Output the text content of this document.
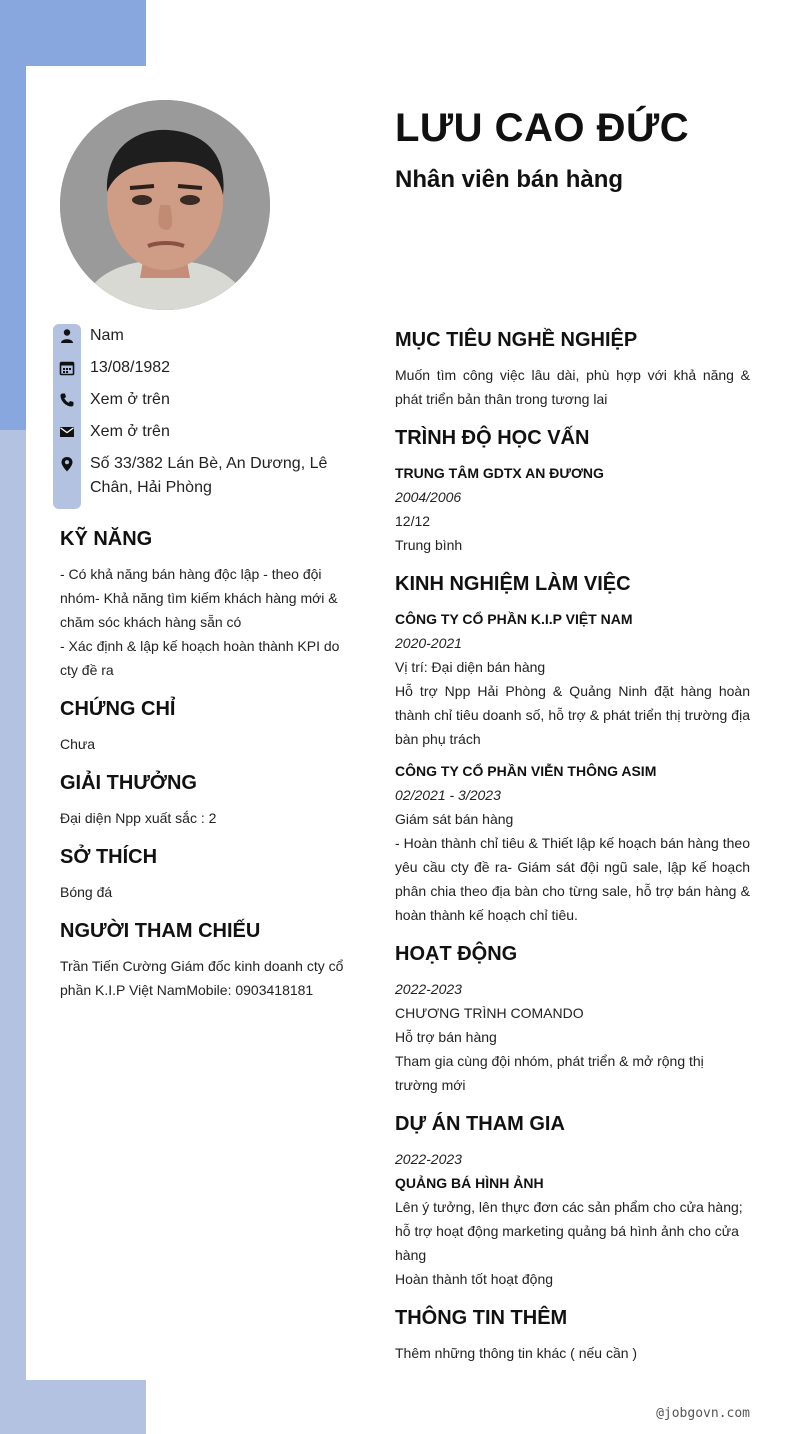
LƯU CAO ĐỨC
Nhân viên bán hàng
Nam
13/08/1982
Xem ở trên
Xem ở trên
Số 33/382 Lán Bè, An Dương, Lê Chân, Hải Phòng
KỸ NĂNG

- Có khả năng bán hàng độc lập - theo đội nhóm- Khả năng tìm kiếm khách hàng mới & chăm sóc khách hàng sẵn có

- Xác định & lập kế hoạch hoàn thành KPI do cty đề ra

CHỨNG CHỈ

Chưa

GIẢI THƯỞNG

Đại diện Npp xuất sắc : 2

SỞ THÍCH

Bóng đá

NGƯỜI THAM CHIẾU

Trần Tiến Cường Giám đốc kinh doanh cty cổ phần K.I.P Việt NamMobile: 0903418181

MỤC TIÊU NGHỀ NGHIỆP

Muốn tìm công việc lâu dài, phù hợp với khả năng & phát triển bản thân trong tương lai

TRÌNH ĐỘ HỌC VẤN

TRUNG TÂM GDTX AN ĐƯƠNG

2004/2006

12/12

Trung bình

KINH NGHIỆM LÀM VIỆC

CÔNG TY CỔ PHẦN K.I.P VIỆT NAM

2020-2021

Vị trí: Đại diện bán hàng

Hỗ trợ Npp Hải Phòng & Quảng Ninh đặt hàng hoàn thành chỉ tiêu doanh số, hỗ trợ & phát triển thị trường địa bàn phụ trách

CÔNG TY CỔ PHẦN VIỄN THÔNG ASIM

02/2021 - 3/2023

Giám sát bán hàng

- Hoàn thành chỉ tiêu & Thiết lập kế hoạch bán hàng theo yêu cầu cty đề ra- Giám sát đội ngũ sale, lập kế hoạch phân chia theo địa bàn cho từng sale, hỗ trợ bán hàng & hoàn thành kế hoạch chỉ tiêu.

HOẠT ĐỘNG

2022-2023

CHƯƠNG TRÌNH COMANDO

Hỗ trợ bán hàng

Tham gia cùng đội nhóm, phát triển & mở rộng thị trường mới

DỰ ÁN THAM GIA

2022-2023

QUẢNG BÁ HÌNH ẢNH

Lên ý tưởng, lên thực đơn các sản phẩm cho cửa hàng; hỗ trợ hoạt động marketing quảng bá hình ảnh cho cửa hàng

Hoàn thành tốt hoạt động

THÔNG TIN THÊM

Thêm những thông tin khác ( nếu cần )

@jobgovn.com
